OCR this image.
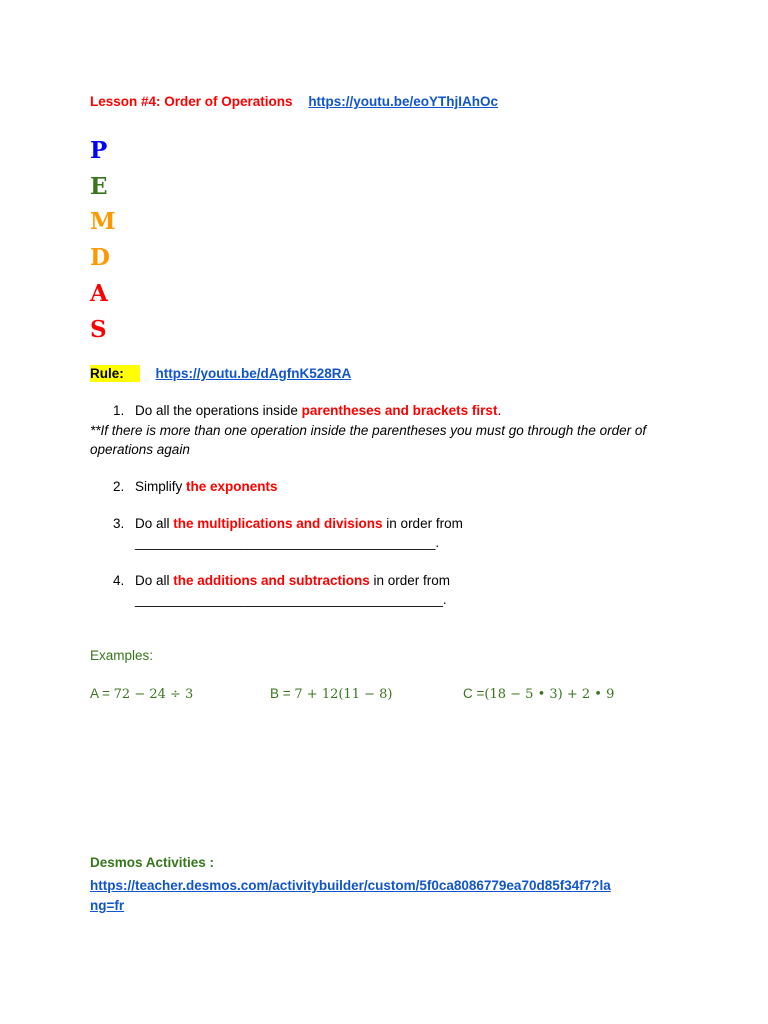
Lesson #4: Order of Operations https://youtu.be/eoYThjIAhOc
P
E
M
D
A
S
Rule: https://youtu.be/dAgfnK528RA
1. Do all the operations inside parentheses and brackets first.
**If there is more than one operation inside the parentheses you must go through the order of operations again
2. Simplify the exponents
3. Do all the multiplications and divisions in order from
________________________________________.
4. Do all the additions and subtractions in order from
_________________________________________.
Examples:
A = 72 − 24 ÷ 3	B = 7 + 12(11 − 8)	C =(18 − 5 • 3) + 2 • 9
Desmos Activities :
https://teacher.desmos.com/activitybuilder/custom/5f0ca8086779ea70d85f34f7?la
ng=fr
